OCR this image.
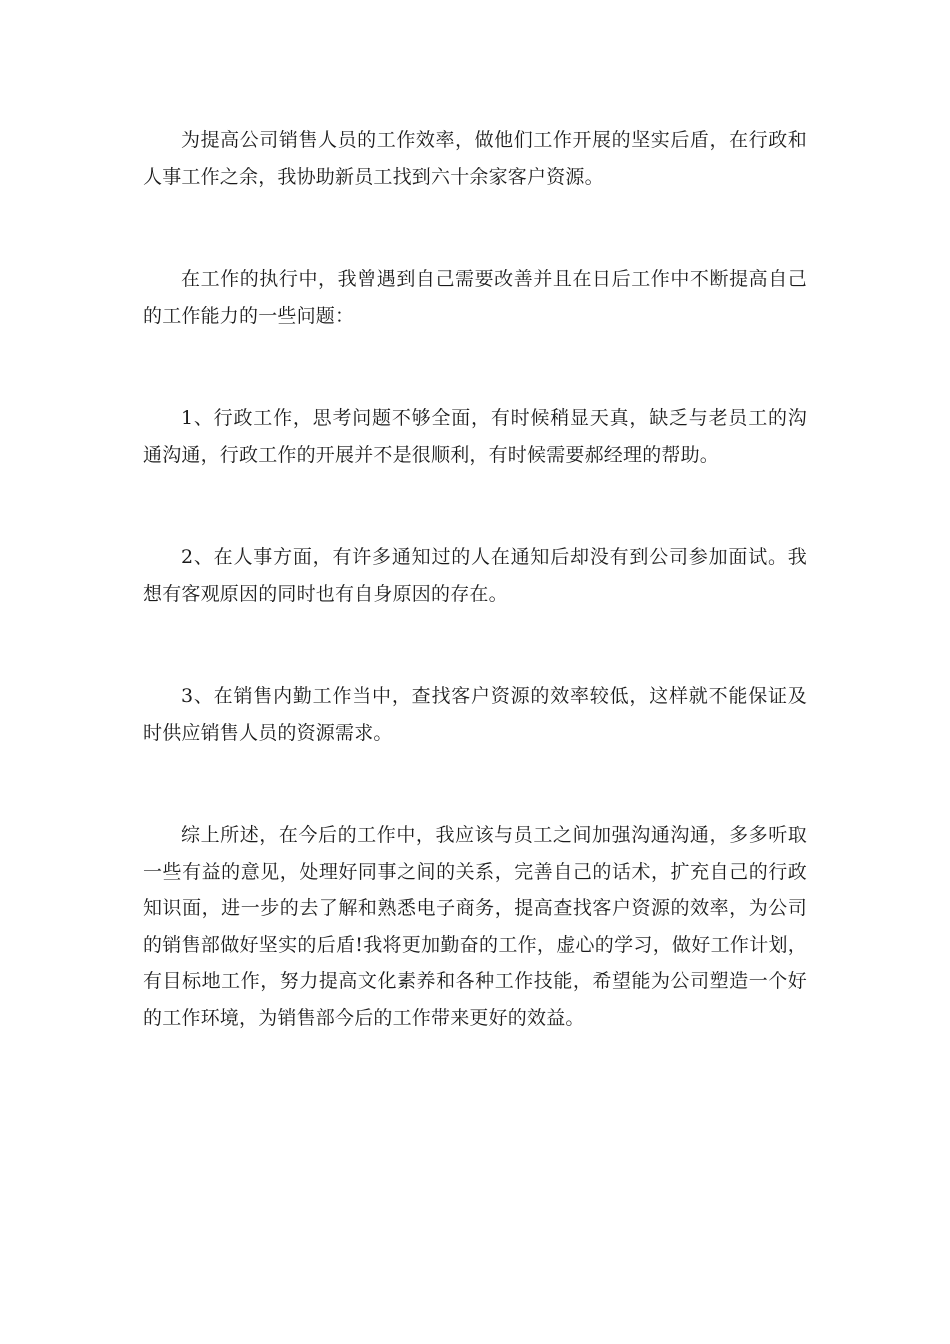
为提高公司销售人员的工作效率，做他们工作开展的坚实后盾，在行政和人事工作之余，我协助新员工找到六十余家客户资源。

在工作的执行中，我曾遇到自己需要改善并且在日后工作中不断提高自己的工作能力的一些问题：

1、行政工作，思考问题不够全面，有时候稍显天真，缺乏与老员工的沟通沟通，行政工作的开展并不是很顺利，有时候需要郝经理的帮助。

2、在人事方面，有许多通知过的人在通知后却没有到公司参加面试。我想有客观原因的同时也有自身原因的存在。

3、在销售内勤工作当中，查找客户资源的效率较低，这样就不能保证及时供应销售人员的资源需求。

综上所述，在今后的工作中，我应该与员工之间加强沟通沟通，多多听取一些有益的意见，处理好同事之间的关系，完善自己的话术，扩充自己的行政知识面，进一步的去了解和熟悉电子商务，提高查找客户资源的效率，为公司的销售部做好坚实的后盾!我将更加勤奋的工作，虚心的学习，做好工作计划，有目标地工作，努力提高文化素养和各种工作技能，希望能为公司塑造一个好的工作环境，为销售部今后的工作带来更好的效益。
